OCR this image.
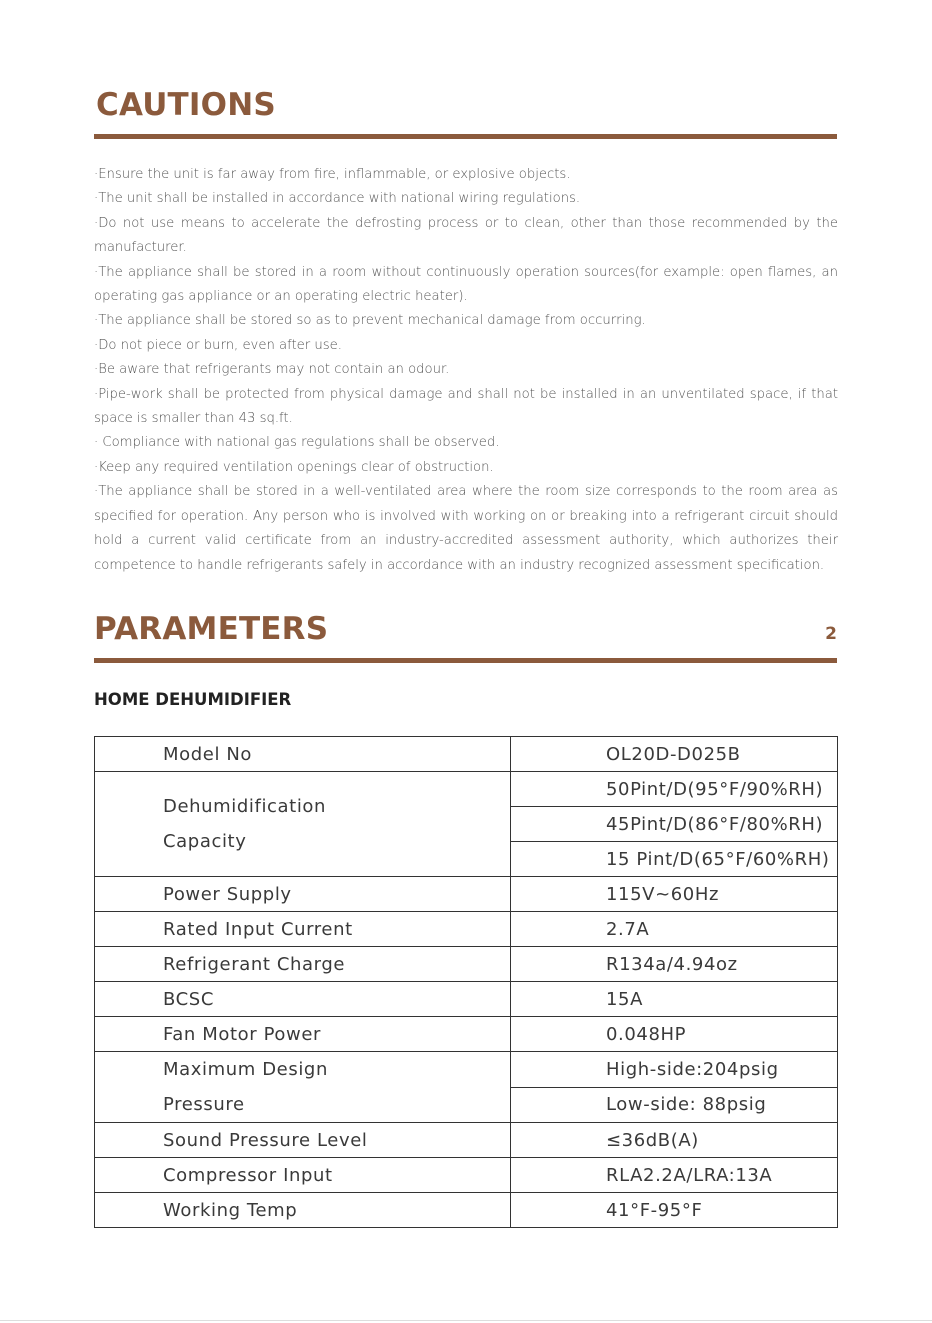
CAUTIONS

·Ensure the unit is far away from fire, inflammable, or explosive objects.

·The unit shall be installed in accordance with national wiring regulations.

·Do not use means to accelerate the defrosting process or to clean, other than those recommended by the manufacturer.

·The appliance shall be stored in a room without continuously operation sources(for example: open flames, an operating gas appliance or an operating electric heater).

·The appliance shall be stored so as to prevent mechanical damage from occurring.

·Do not piece or burn, even after use.

·Be aware that refrigerants may not contain an odour.

·Pipe-work shall be protected from physical damage and shall not be installed in an unventilated space, if that space is smaller than 43 sq.ft.

· Compliance with national gas regulations shall be observed.

·Keep any required ventilation openings clear of obstruction.

·The appliance shall be stored in a well-ventilated area where the room size corresponds to the room area as specified for operation. Any person who is involved with working on or breaking into a refrigerant circuit should hold a current valid certificate from an industry-accredited assessment authority, which authorizes their competence to handle refrigerants safely in accordance with an industry recognized assessment specification.

PARAMETERS	2
HOME DEHUMIDIFIER
Model No	OL20D-D025B

Dehumidification
Capacity	50Pint/D(95°F/90%RH)
	45Pint/D(86°F/80%RH)
	15 Pint/D(65°F/60%RH)
Power Supply	115V~60Hz
Rated Input Current	2.7A
Refrigerant Charge	R134a/4.94oz
BCSC	15A
Fan Motor Power	0.048HP

Maximum Design
Pressure	High-side:204psig
	Low-side: 88psig
Sound Pressure Level	≤36dB(A)
Compressor Input	RLA2.2A/LRA:13A
Working Temp	41°F-95°F
